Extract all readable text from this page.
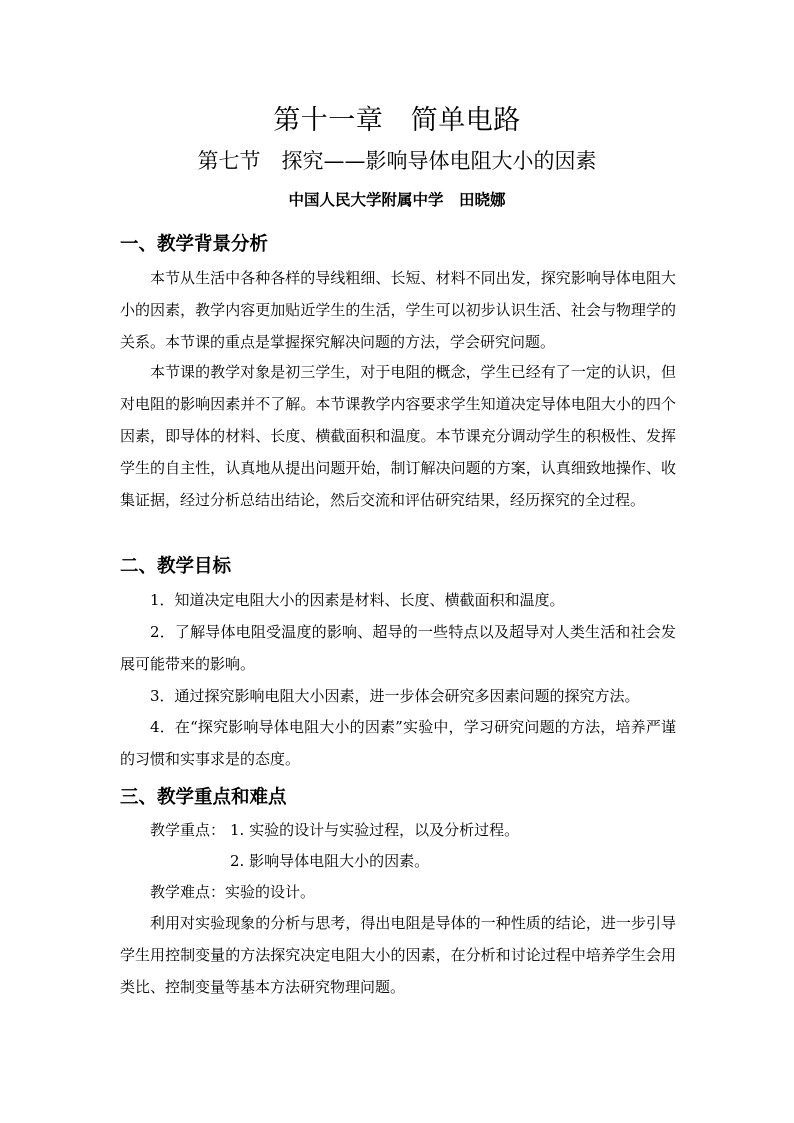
第十一章　简单电路
第七节　探究——影响导体电阻大小的因素
中国人民大学附属中学　田晓娜
一、教学背景分析

本节从生活中各种各样的导线粗细、长短、材料不同出发，探究影响导体电阻大小的因素，教学内容更加贴近学生的生活，学生可以初步认识生活、社会与物理学的关系。本节课的重点是掌握探究解决问题的方法，学会研究问题。

本节课的教学对象是初三学生，对于电阻的概念，学生已经有了一定的认识，但对电阻的影响因素并不了解。本节课教学内容要求学生知道决定导体电阻大小的四个因素，即导体的材料、长度、横截面积和温度。本节课充分调动学生的积极性、发挥学生的自主性，认真地从提出问题开始，制订解决问题的方案，认真细致地操作、收集证据，经过分析总结出结论，然后交流和评估研究结果，经历探究的全过程。

二、教学目标

1．知道决定电阻大小的因素是材料、长度、横截面积和温度。

2．了解导体电阻受温度的影响、超导的一些特点以及超导对人类生活和社会发展可能带来的影响。

3．通过探究影响电阻大小因素，进一步体会研究多因素问题的探究方法。

4．在“探究影响导体电阻大小的因素”实验中，学习研究问题的方法，培养严谨的习惯和实事求是的态度。

三、教学重点和难点
教学重点： 1. 实验的设计与实验过程，以及分析过程。
2. 影响导体电阻大小的因素。
教学难点：实验的设计。

利用对实验现象的分析与思考，得出电阻是导体的一种性质的结论，进一步引导学生用控制变量的方法探究决定电阻大小的因素，在分析和讨论过程中培养学生会用类比、控制变量等基本方法研究物理问题。
